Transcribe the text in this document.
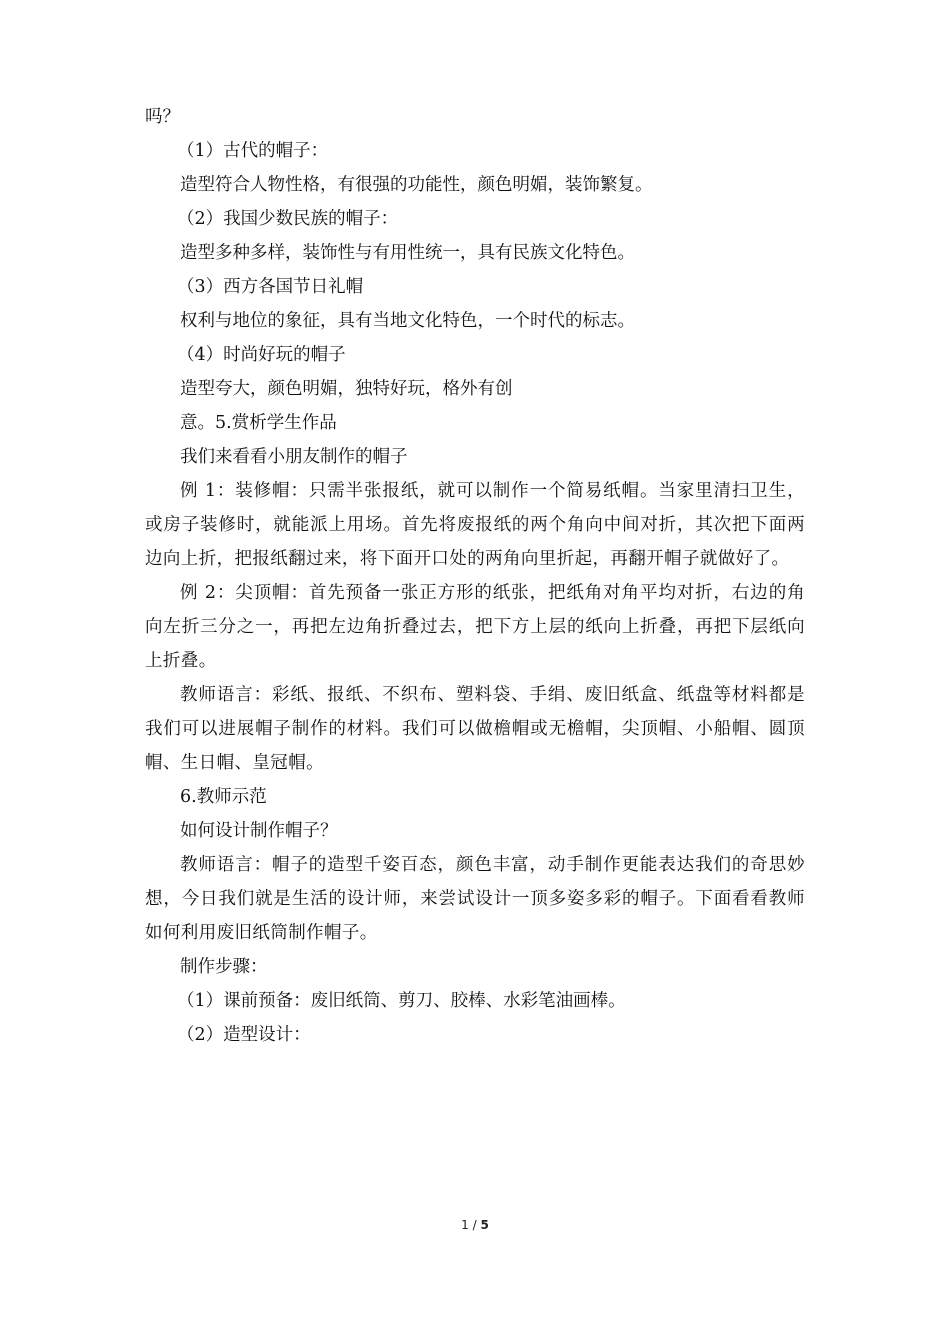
吗？

（1）古代的帽子：

造型符合人物性格，有很强的功能性，颜色明媚，装饰繁复。

（2）我国少数民族的帽子：

造型多种多样，装饰性与有用性统一，具有民族文化特色。

（3）西方各国节日礼帽

权利与地位的象征，具有当地文化特色，一个时代的标志。

（4）时尚好玩的帽子

造型夸大，颜色明媚，独特好玩，格外有创

意。5.赏析学生作品

我们来看看小朋友制作的帽子

例 1：装修帽：只需半张报纸，就可以制作一个简易纸帽。当家里清扫卫生，或房子装修时，就能派上用场。首先将废报纸的两个角向中间对折，其次把下面两边向上折，把报纸翻过来，将下面开口处的两角向里折起，再翻开帽子就做好了。

例 2：尖顶帽：首先预备一张正方形的纸张，把纸角对角平均对折，右边的角向左折三分之一，再把左边角折叠过去，把下方上层的纸向上折叠，再把下层纸向上折叠。

教师语言：彩纸、报纸、不织布、塑料袋、手绢、废旧纸盒、纸盘等材料都是我们可以进展帽子制作的材料。我们可以做檐帽或无檐帽，尖顶帽、小船帽、圆顶帽、生日帽、皇冠帽。

6.教师示范

如何设计制作帽子？

教师语言：帽子的造型千姿百态，颜色丰富，动手制作更能表达我们的奇思妙想，今日我们就是生活的设计师，来尝试设计一顶多姿多彩的帽子。下面看看教师如何利用废旧纸筒制作帽子。

制作步骤：

（1）课前预备：废旧纸筒、剪刀、胶棒、水彩笔油画棒。

（2）造型设计：

1 / 5
